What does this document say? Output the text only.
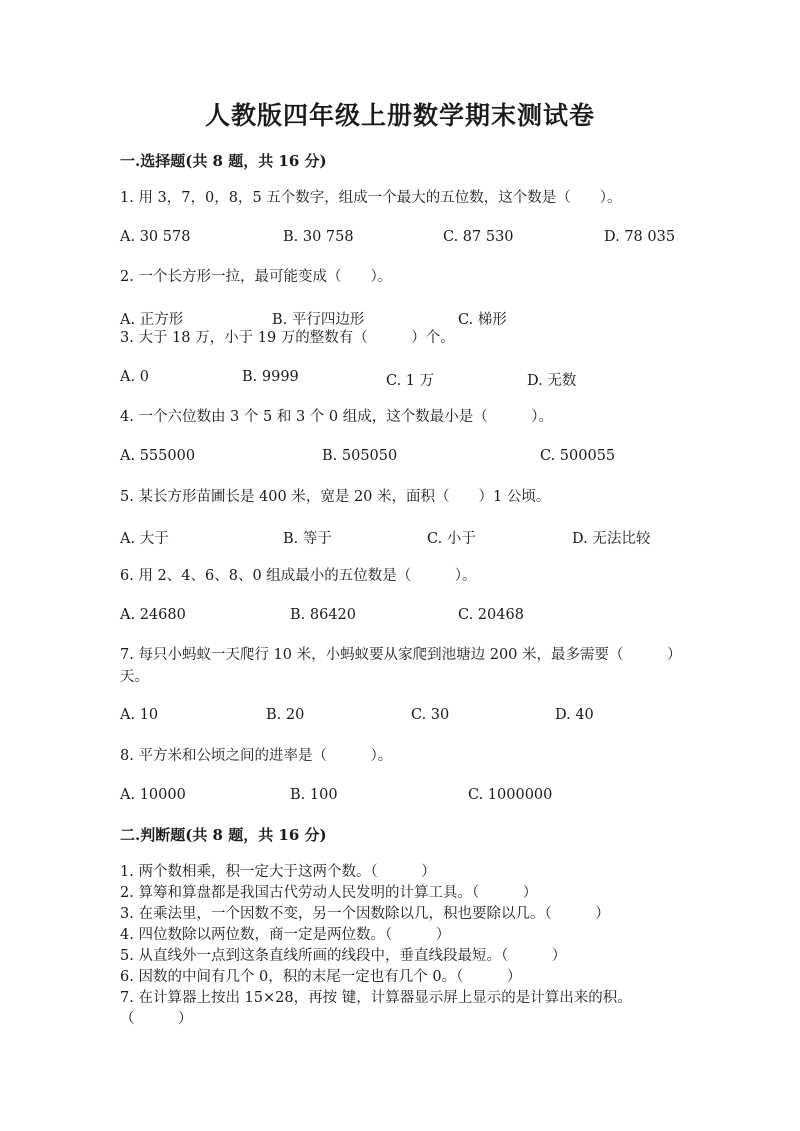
人教版四年级上册数学期末测试卷
一.选择题(共 8 题，共 16 分)
1. 用 3，7，0，8，5 五个数字，组成一个最大的五位数，这个数是（　　）。
A. 30 578	B. 30 758	C. 87 530	D. 78 035
2. 一个长方形一拉，最可能变成（　　）。
A. 正方形	B. 平行四边形	C. 梯形
3. 大于 18 万，小于 19 万的整数有（　　　）个。
A. 0	B. 9999	C. 1 万	D. 无数
4. 一个六位数由 3 个 5 和 3 个 0 组成，这个数最小是（　　　）。
A. 555000	B. 505050	C. 500055
5. 某长方形苗圃长是 400 米，宽是 20 米，面积（　　）1 公顷。
A. 大于	B. 等于	C. 小于	D. 无法比较
6. 用 2、4、6、8、0 组成最小的五位数是（　　　）。
A. 24680	B. 86420	C. 20468
7. 每只小蚂蚁一天爬行 10 米，小蚂蚁要从家爬到池塘边 200 米，最多需要（　　　）天。
A. 10	B. 20	C. 30	D. 40
8. 平方米和公顷之间的进率是（　　　）。
A. 10000	B. 100	C. 1000000
二.判断题(共 8 题，共 16 分)
1. 两个数相乘，积一定大于这两个数。（　　　）
2. 算筹和算盘都是我国古代劳动人民发明的计算工具。（　　　）
3. 在乘法里，一个因数不变，另一个因数除以几，积也要除以几。（　　　）
4. 四位数除以两位数，商一定是两位数。（　　　）
5. 从直线外一点到这条直线所画的线段中，垂直线段最短。（　　　）
6. 因数的中间有几个 0，积的末尾一定也有几个 0。（　　　）
7. 在计算器上按出 15×28，再按 键，计算器显示屏上显示的是计算出来的积。（　　　）
